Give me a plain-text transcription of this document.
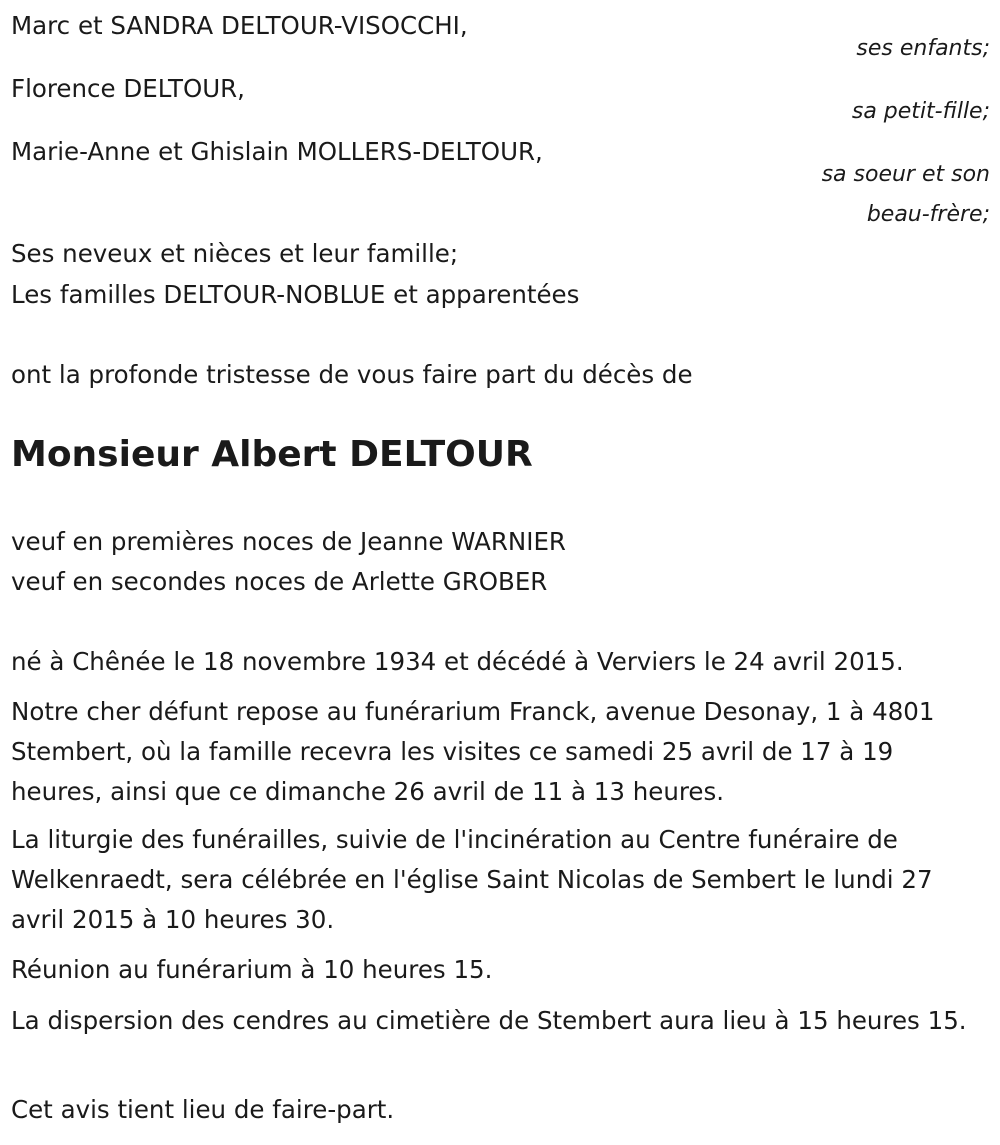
Marc et SANDRA DELTOUR-VISOCCHI,

ses enfants;

Florence DELTOUR,

sa petit-fille;

Marie-Anne et Ghislain MOLLERS-DELTOUR,

sa soeur et son

beau-frère;

Ses neveux et nièces et leur famille;

Les familles DELTOUR-NOBLUE et apparentées

ont la profonde tristesse de vous faire part du décès de

Monsieur Albert DELTOUR

veuf en premières noces de Jeanne WARNIER

veuf en secondes noces de Arlette GROBER

né à Chênée le 18 novembre 1934 et décédé à Verviers le 24 avril 2015.

Notre cher défunt repose au funérarium Franck, avenue Desonay, 1 à 4801 Stembert, où la famille recevra les visites ce samedi 25 avril de 17 à 19 heures, ainsi que ce dimanche 26 avril de 11 à 13 heures.

La liturgie des funérailles, suivie de l'incinération au Centre funéraire de Welkenraedt, sera célébrée en l'église Saint Nicolas de Sembert le lundi 27 avril 2015 à 10 heures 30.

Réunion au funérarium à 10 heures 15.

La dispersion des cendres au cimetière de Stembert aura lieu à 15 heures 15.

Cet avis tient lieu de faire-part.
